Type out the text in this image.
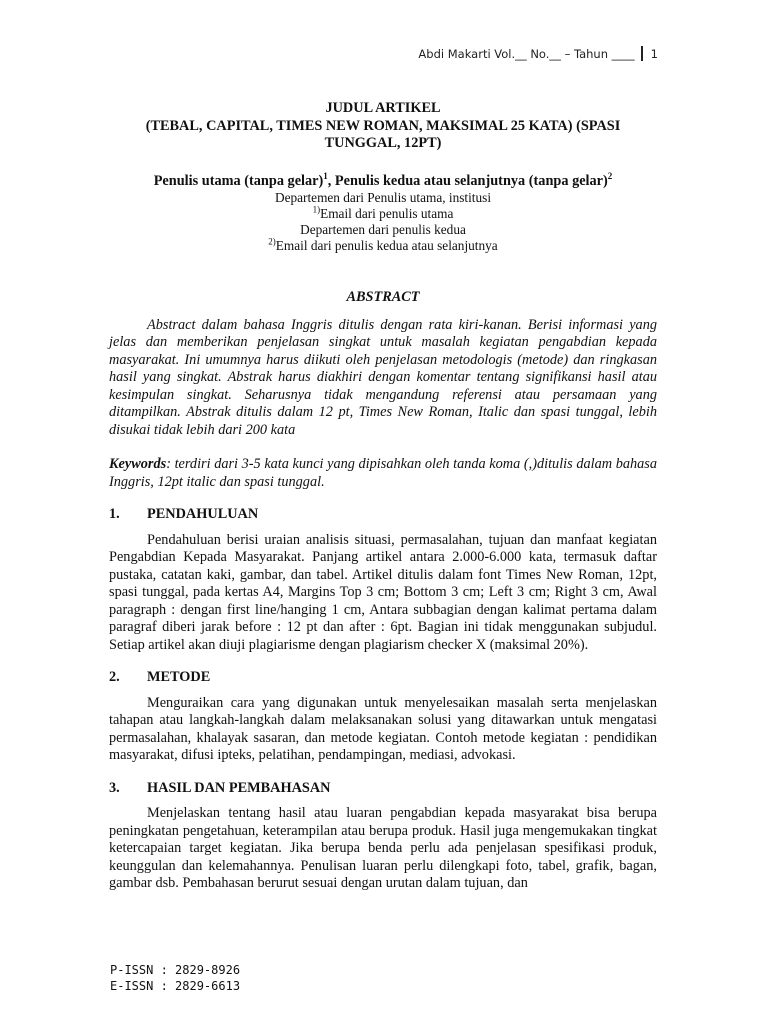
Abdi Makarti Vol.__ No.__ – Tahun ____ 1
JUDUL ARTIKEL
(TEBAL, CAPITAL, TIMES NEW ROMAN, MAKSIMAL 25 KATA) (SPASI
TUNGGAL, 12PT)
Penulis utama (tanpa gelar)$^1$, Penulis kedua atau selanjutnya (tanpa gelar)$^2$
Departemen dari Penulis utama, institusi
$^{1)}$Email dari penulis utama
Departemen dari penulis kedua
$^{2)}$Email dari penulis kedua atau selanjutnya
ABSTRACT
Abstract dalam bahasa Inggris ditulis dengan rata kiri-kanan. Berisi informasi yang jelas dan memberikan penjelasan singkat untuk masalah kegiatan pengabdian kepada masyarakat. Ini umumnya harus diikuti oleh penjelasan metodologis (metode) dan ringkasan hasil yang singkat. Abstrak harus diakhiri dengan komentar tentang signifikansi hasil atau kesimpulan singkat. Seharusnya tidak mengandung referensi atau persamaan yang ditampilkan. Abstrak ditulis dalam 12 pt, Times New Roman, Italic dan spasi tunggal, lebih disukai tidak lebih dari 200 kata
Keywords: terdiri dari 3-5 kata kunci yang dipisahkan oleh tanda koma (,)ditulis dalam bahasa Inggris, 12pt italic dan spasi tunggal.
1.	PENDAHULUAN
Pendahuluan berisi uraian analisis situasi, permasalahan, tujuan dan manfaat kegiatan Pengabdian Kepada Masyarakat. Panjang artikel antara 2.000-6.000 kata, termasuk daftar pustaka, catatan kaki, gambar, dan tabel. Artikel ditulis dalam font Times New Roman, 12pt, spasi tunggal, pada kertas A4, Margins Top 3 cm; Bottom 3 cm; Left 3 cm; Right 3 cm, Awal paragraph : dengan first line/hanging 1 cm, Antara subbagian dengan kalimat pertama dalam paragraf diberi jarak before : 12 pt dan after : 6pt. Bagian ini tidak menggunakan subjudul. Setiap artikel akan diuji plagiarisme dengan plagiarism checker X (maksimal 20%).
2.	METODE
Menguraikan cara yang digunakan untuk menyelesaikan masalah serta menjelaskan tahapan atau langkah-langkah dalam melaksanakan solusi yang ditawarkan untuk mengatasi permasalahan, khalayak sasaran, dan metode kegiatan. Contoh metode kegiatan : pendidikan masyarakat, difusi ipteks, pelatihan, pendampingan, mediasi, advokasi.
3.	HASIL DAN PEMBAHASAN
Menjelaskan tentang hasil atau luaran pengabdian kepada masyarakat bisa berupa peningkatan pengetahuan, keterampilan atau berupa produk. Hasil juga mengemukakan tingkat ketercapaian target kegiatan. Jika berupa benda perlu ada penjelasan spesifikasi produk, keunggulan dan kelemahannya. Penulisan luaran perlu dilengkapi foto, tabel, grafik, bagan, gambar dsb. Pembahasan berurut sesuai dengan urutan dalam tujuan, dan
P-ISSN : 2829-8926
E-ISSN : 2829-6613
